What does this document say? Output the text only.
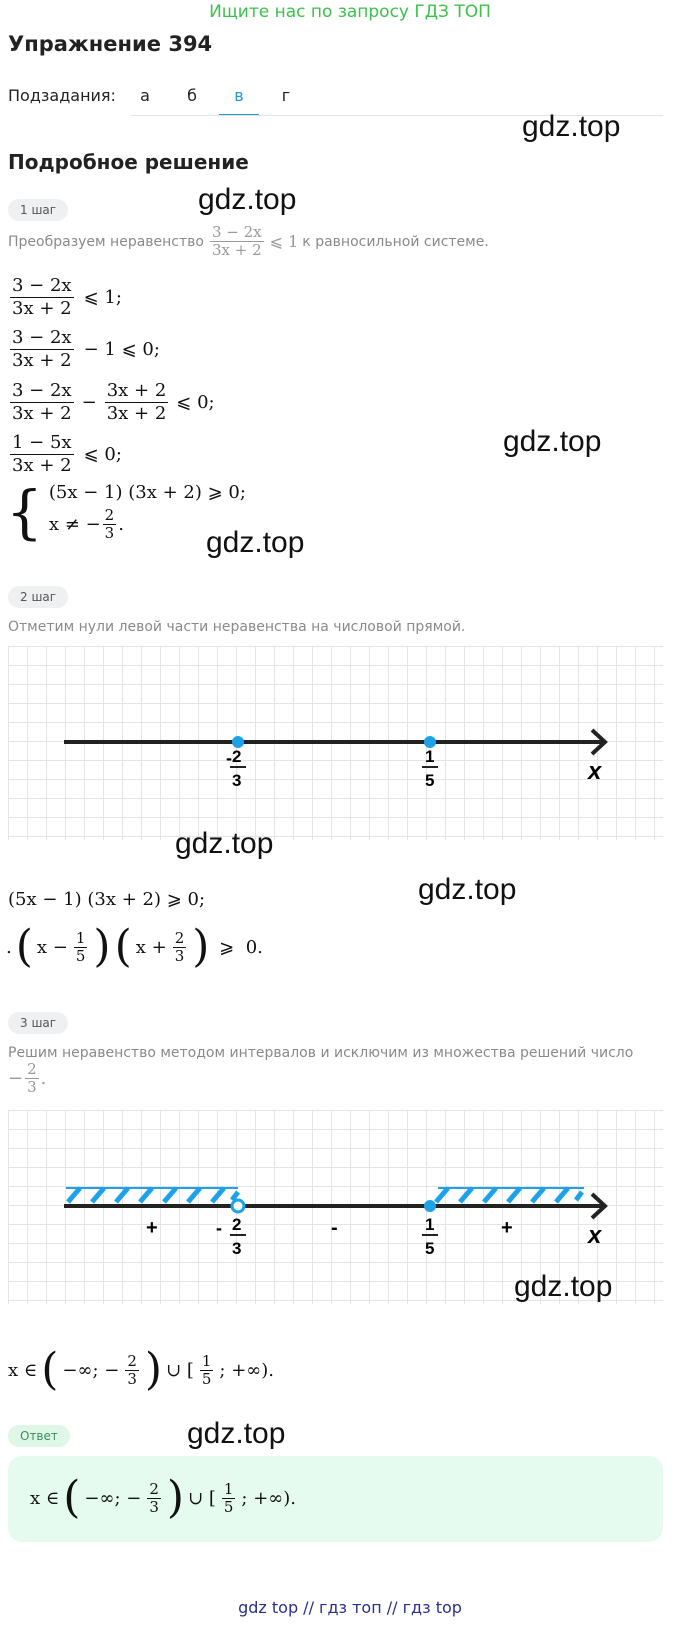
Ищите нас по запросу ГДЗ ТОП
Упражнение 394
Подзадания:	а	б	в	г
gdz.top
Подробное решение
1 шаг	gdz.top
Преобразуем неравенство $\frac{3 - 2x}{3x + 2}$ ⩽ 1 к равносильной системе.
$\frac{3 - 2x}{3x + 2}$ ⩽ 1;
$\frac{3 - 2x}{3x + 2} - 1$ ⩽ 0;
$\frac{3 - 2x}{3x + 2} - \frac{3x + 2}{3x + 2}$ ⩽ 0;
$\frac{1 - 5x}{3x + 2}$ ⩽ 0;	gdz.top
{ (5x − 1) (3x + 2) ⩾ 0;
x ≠ − $\frac{2}{3}$ .
gdz.top
2 шаг
Отметим нули левой части неравенства на числовой прямой.
- 2
3
1
5	x
gdz.top
gdz.top
(5x − 1) (3x + 2) ⩾ 0;
. ( $x - \frac{1}{5}$ ) ( $x + \frac{2}{3}$ ) ⩾  0.
3 шаг
Решим неравенство методом интервалов и исключим из множества решений число
− $\frac{2}{3}$ .
+	-	+
- 2
3
1
5	x
gdz.top
x ∈ ( −∞; − $\frac{2}{3}$ ) ∪ [ $\frac{1}{5}$ ; +∞).
Ответ	gdz.top
x ∈ ( −∞; − $\frac{2}{3}$ ) ∪ [ $\frac{1}{5}$ ; +∞).
gdz top // гдз топ // гдз top
